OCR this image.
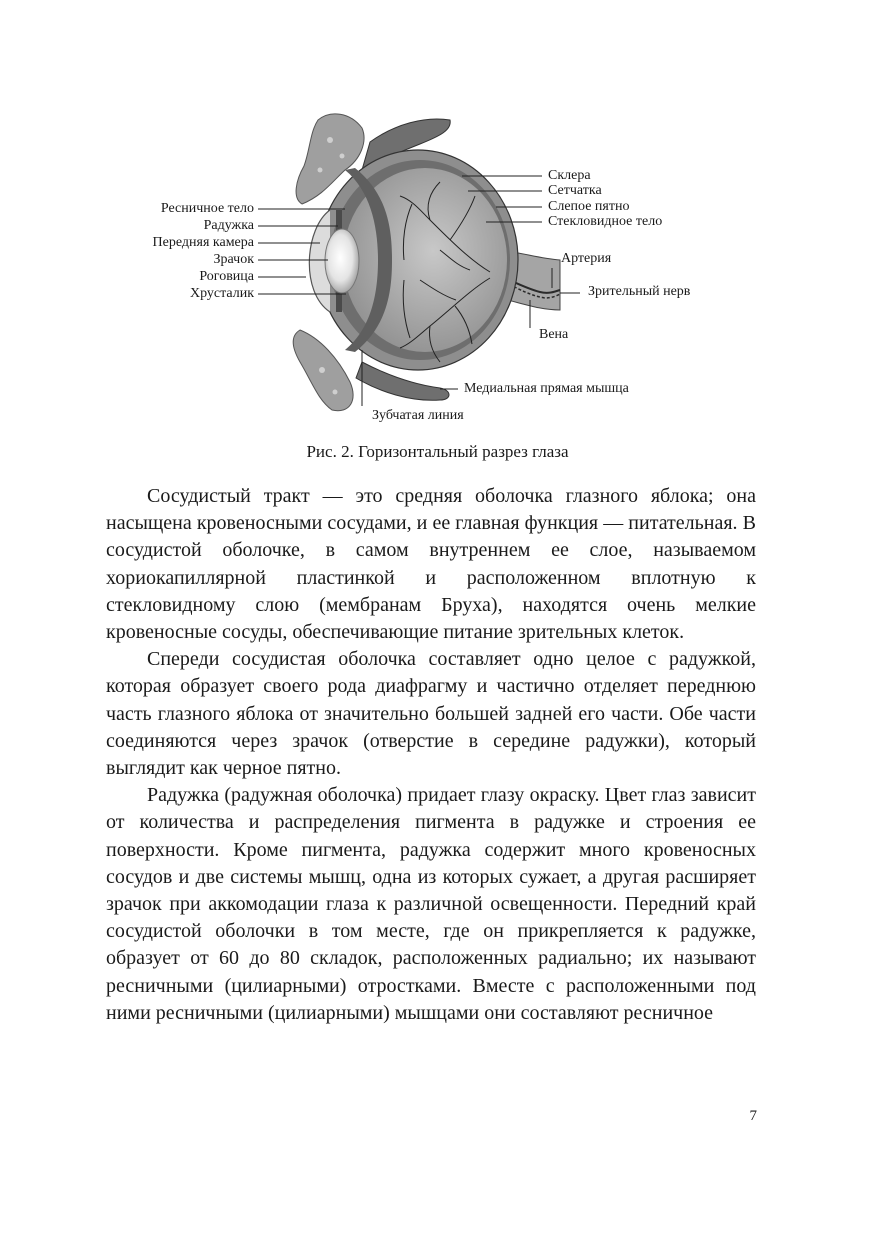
Ресничное тело
Радужка
Передняя камера
Зрачок
Роговица
Хрусталик
Склера
Сетчатка
Слепое пятно
Стекловидное тело
Артерия
Зрительный нерв
Вена
Медиальная прямая мышца
Зубчатая линия
Рис. 2. Горизонтальный разрез глаза

Сосудистый тракт — это средняя оболочка глазного яблока; она насыщена кровеносными сосудами, и ее главная функция — питательная. В сосудистой оболочке, в самом внутреннем ее слое, называемом хориокапиллярной пластинкой и расположенном вплотную к стекловидному слою (мембранам Бруха), находятся очень мелкие кровеносные сосуды, обеспечивающие питание зрительных клеток.

Спереди сосудистая оболочка составляет одно целое с радужкой, которая образует своего рода диафрагму и частично отделяет переднюю часть глазного яблока от значительно большей задней его части. Обе части соединяются через зрачок (отверстие в середине радужки), который выглядит как черное пятно.

Радужка (радужная оболочка) придает глазу окраску. Цвет глаз зависит от количества и распределения пигмента в радужке и строения ее поверхности. Кроме пигмента, радужка содержит много кровеносных сосудов и две системы мышц, одна из которых сужает, а другая расширяет зрачок при аккомодации глаза к различной освещенности. Передний край сосудистой оболочки в том месте, где он прикрепляется к радужке, образует от 60 до 80 складок, расположенных радиально; их называют ресничными (цилиарными) отростками. Вместе с расположенными под ними ресничными (цилиарными) мышцами они составляют ресничное

7
